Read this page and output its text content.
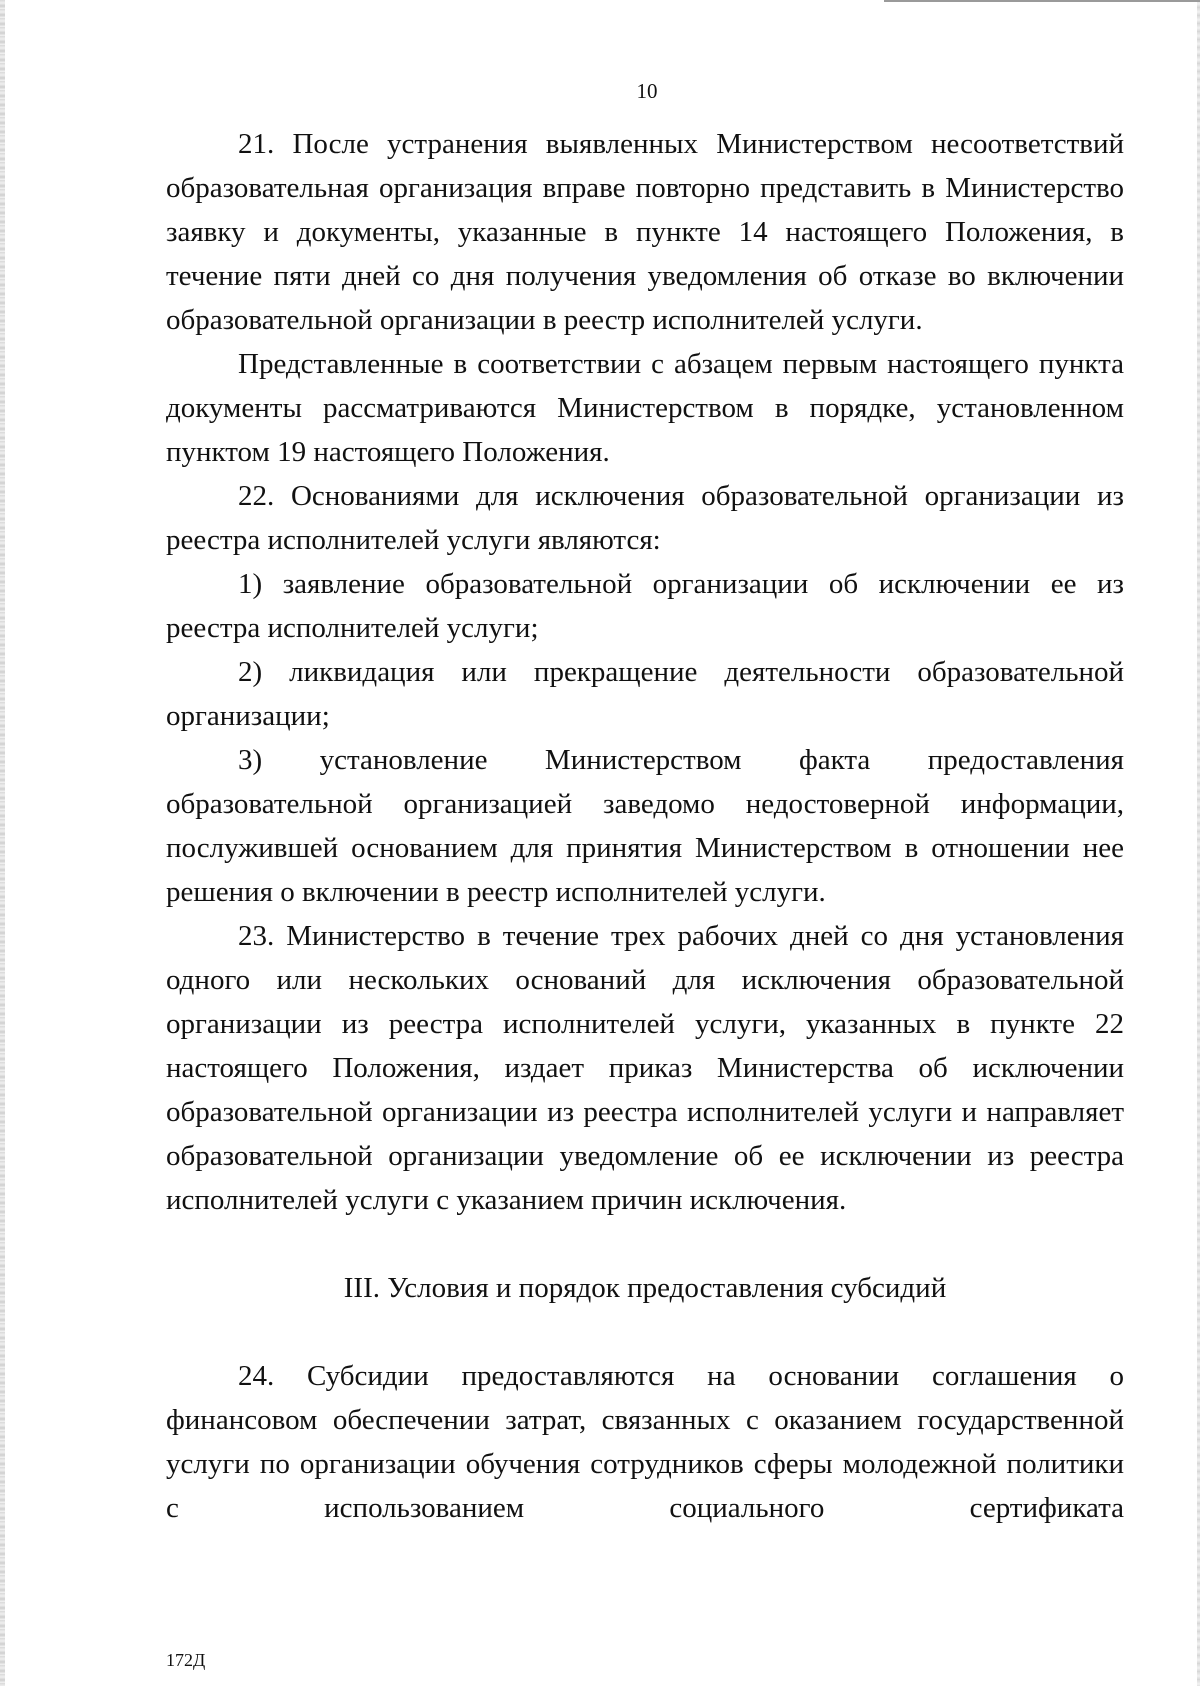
10

21. После устранения выявленных Министерством несоответствий образовательная организация вправе повторно представить в Министерство заявку и документы, указанные в пункте 14 настоящего Положения, в течение пяти дней со дня получения уведомления об отказе во включении образовательной организации в реестр исполнителей услуги.

Представленные в соответствии с абзацем первым настоящего пункта документы рассматриваются Министерством в порядке, установленном пунктом 19 настоящего Положения.

22. Основаниями для исключения образовательной организации из реестра исполнителей услуги являются:

1) заявление образовательной организации об исключении ее из реестра исполнителей услуги;

2) ликвидация или прекращение деятельности образовательной организации;

3) установление Министерством факта предоставления образовательной организацией заведомо недостоверной информации, послужившей основанием для принятия Министерством в отношении нее решения о включении в реестр исполнителей услуги.

23. Министерство в течение трех рабочих дней со дня установления одного или нескольких оснований для исключения образовательной организации из реестра исполнителей услуги, указанных в пункте 22 настоящего Положения, издает приказ Министерства об исключении образовательной организации из реестра исполнителей услуги и направляет образовательной организации уведомление об ее исключении из реестра исполнителей услуги с указанием причин исключения.

III. Условия и порядок предоставления субсидий

24. Субсидии предоставляются на основании соглашения о финансовом обеспечении затрат, связанных с оказанием государственной услуги по организации обучения сотрудников сферы молодежной политики с использованием социального сертификата

172Д
